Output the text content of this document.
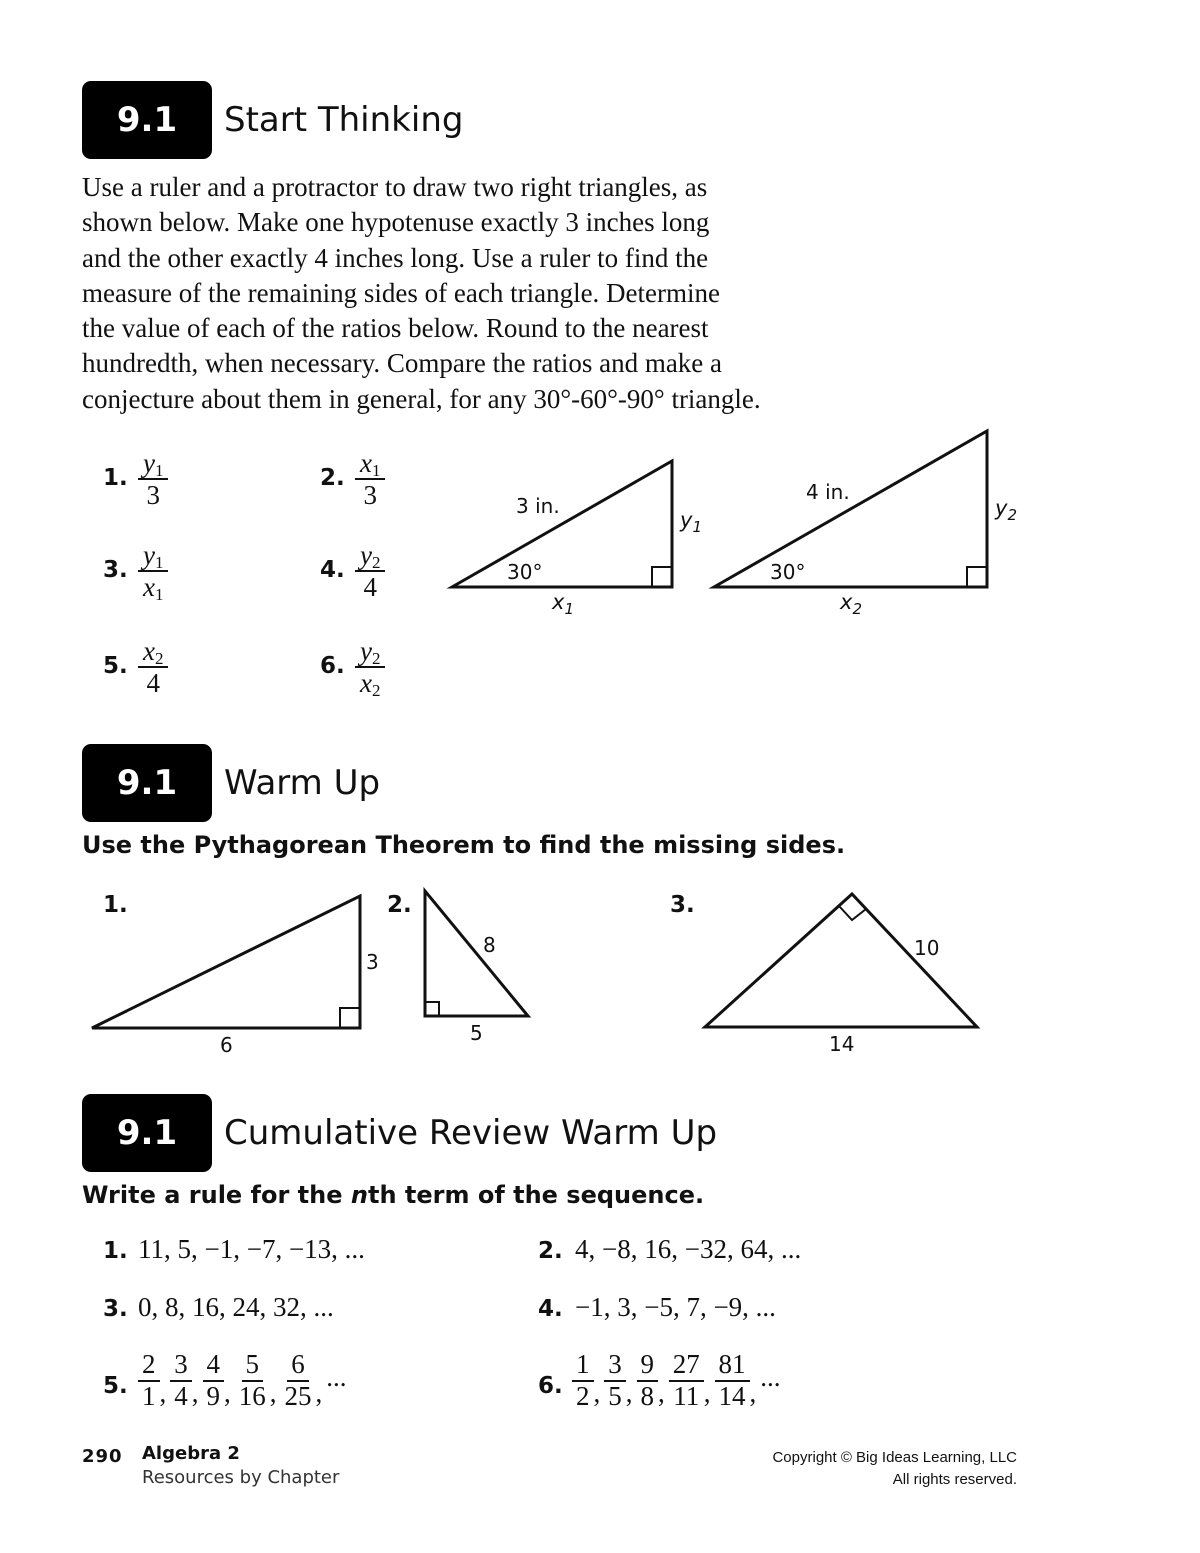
9.1	Start Thinking

Use a ruler and a protractor to draw two right triangles, as

shown below. Make one hypotenuse exactly 3 inches long

and the other exactly 4 inches long. Use a ruler to find the

measure of the remaining sides of each triangle. Determine

the value of each of the ratios below. Round to the nearest

hundredth, when necessary. Compare the ratios and make a

conjecture about them in general, for any 30°-60°-90° triangle.

1. $\frac{y_1}{3}$	2. $\frac{x_1}{3}$
3. $\frac{y_1}{x_1}$	4. $\frac{y_2}{4}$
5. $\frac{x_2}{4}$	6. $\frac{y_2}{x_2}$
3 in.
30°
$y_1$
$x_1$
4 in.
30°
$y_2$
$x_2$
3
6
8
5
10
14
9.1	Warm Up
Use the Pythagorean Theorem to find the missing sides.
1.	2.	3.
9.1	Cumulative Review Warm Up
Write a rule for the nth term of the sequence.
1. 11, 5, −1, −7, −13, ...	2. 4, −8, 16, −32, 64, ...
3. 0, 8, 16, 24, 32, ...	4. −1, 3, −5, 7, −9, ...
5.
2
1 ,
3
4 ,
4
9 ,
5
16 ,
6
25 ,
...	6.
1
2 ,
3
5 ,
9
8 ,
27
11 ,
81
14 ,
...
290 Algebra 2
Resources by Chapter
Copyright © Big Ideas Learning, LLC
All rights reserved.
